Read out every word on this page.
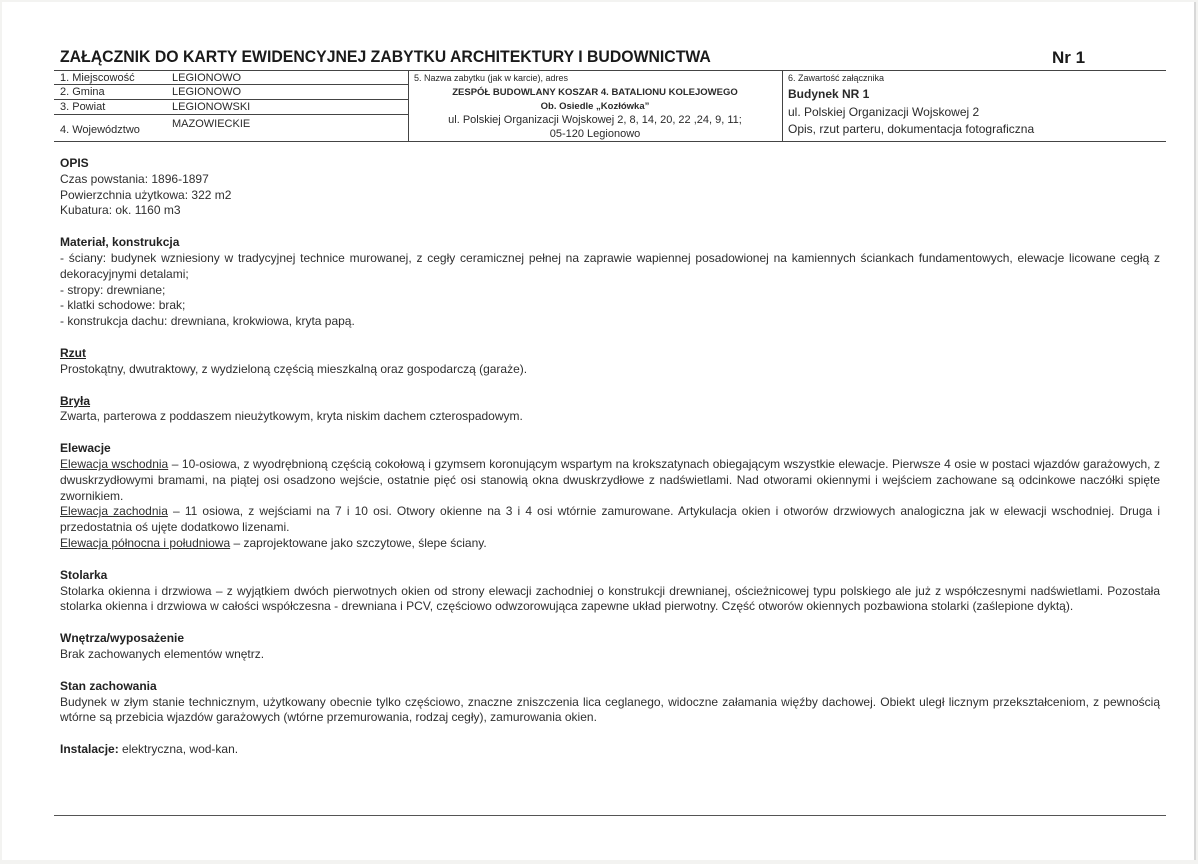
ZAŁĄCZNIK DO KARTY EWIDENCYJNEJ ZABYTKU ARCHITEKTURY I BUDOWNICTWA	Nr 1
1. Miejscowość	LEGIONOWO
2. Gmina	LEGIONOWO
3. Powiat	LEGIONOWSKI
4. Województwo	MAZOWIECKIE
5. Nazwa zabytku (jak w karcie), adres
ZESPÓŁ BUDOWLANY KOSZAR 4. BATALIONU KOLEJOWEGO
Ob. Osiedle „Kozłówka”
ul. Polskiej Organizacji Wojskowej 2, 8, 14, 20, 22 ,24, 9, 11;
05-120 Legionowo
6. Zawartość załącznika
Budynek NR 1
ul. Polskiej Organizacji Wojskowej 2
Opis, rzut parteru, dokumentacja fotograficzna
OPIS
Czas powstania: 1896-1897
Powierzchnia użytkowa: 322 m2
Kubatura: ok. 1160 m3
Materiał, konstrukcja
- ściany: budynek wzniesiony w tradycyjnej technice murowanej, z cegły ceramicznej pełnej na zaprawie wapiennej posadowionej na kamiennych ściankach fundamentowych, elewacje licowane cegłą z dekoracyjnymi detalami;
- stropy: drewniane;
- klatki schodowe: brak;
- konstrukcja dachu: drewniana, krokwiowa, kryta papą.
Rzut
Prostokątny, dwutraktowy, z wydzieloną częścią mieszkalną oraz gospodarczą (garaże).
Bryła
Zwarta, parterowa z poddaszem nieużytkowym, kryta niskim dachem czterospadowym.
Elewacje
Elewacja wschodnia – 10-osiowa, z wyodrębnioną częścią cokołową i gzymsem koronującym wspartym na krokszatynach obiegającym wszystkie elewacje. Pierwsze 4 osie w postaci wjazdów garażowych, z dwuskrzydłowymi bramami, na piątej osi osadzono wejście, ostatnie pięć osi stanowią okna dwuskrzydłowe z nadświetlami. Nad otworami okiennymi i wejściem zachowane są odcinkowe naczółki spięte zwornikiem.
Elewacja zachodnia – 11 osiowa, z wejściami na 7 i 10 osi. Otwory okienne na 3 i 4 osi wtórnie zamurowane. Artykulacja okien i otworów drzwiowych analogiczna jak w elewacji wschodniej. Druga i przedostatnia oś ujęte dodatkowo lizenami.
Elewacja północna i południowa – zaprojektowane jako szczytowe, ślepe ściany.
Stolarka
Stolarka okienna i drzwiowa – z wyjątkiem dwóch pierwotnych okien od strony elewacji zachodniej o konstrukcji drewnianej, ościeżnicowej typu polskiego ale już z współczesnymi nadświetlami. Pozostała stolarka okienna i drzwiowa w całości współczesna - drewniana i PCV, częściowo odwzorowująca zapewne układ pierwotny. Część otworów okiennych pozbawiona stolarki (zaślepione dyktą).
Wnętrza/wyposażenie
Brak zachowanych elementów wnętrz.
Stan zachowania
Budynek w złym stanie technicznym, użytkowany obecnie tylko częściowo, znaczne zniszczenia lica ceglanego, widoczne załamania więźby dachowej. Obiekt uległ licznym przekształceniom, z pewnością wtórne są przebicia wjazdów garażowych (wtórne przemurowania, rodzaj cegły), zamurowania okien.
Instalacje: elektryczna, wod-kan.
